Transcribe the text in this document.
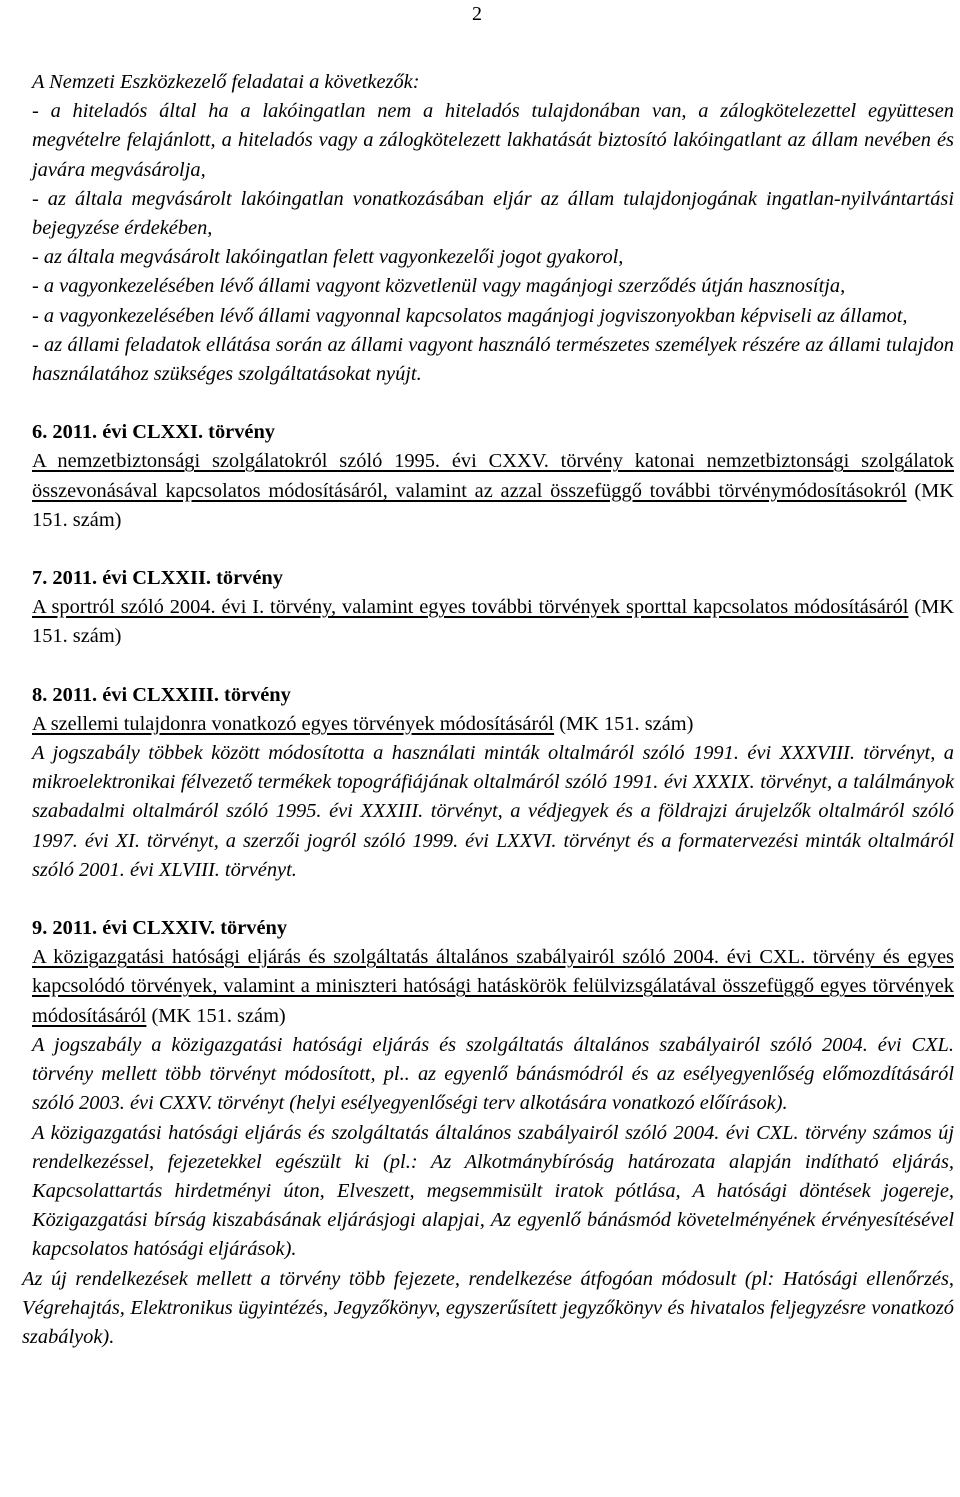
2

A Nemzeti Eszközkezelő feladatai a következők:

- a hiteladós által ha a lakóingatlan nem a hiteladós tulajdonában van, a zálogkötelezettel együttesen megvételre felajánlott, a hiteladós vagy a zálogkötelezett lakhatását biztosító lakóingatlant az állam nevében és javára megvásárolja,

- az általa megvásárolt lakóingatlan vonatkozásában eljár az állam tulajdonjogának ingatlan-nyilvántartási bejegyzése érdekében,

- az általa megvásárolt lakóingatlan felett vagyonkezelői jogot gyakorol,

- a vagyonkezelésében lévő állami vagyont közvetlenül vagy magánjogi szerződés útján hasznosítja,

- a vagyonkezelésében lévő állami vagyonnal kapcsolatos magánjogi jogviszonyokban képviseli az államot,

- az állami feladatok ellátása során az állami vagyont használó természetes személyek részére az állami tulajdon használatához szükséges szolgáltatásokat nyújt.

6. 2011. évi CLXXI. törvény

A nemzetbiztonsági szolgálatokról szóló 1995. évi CXXV. törvény katonai nemzetbiztonsági szolgálatok összevonásával kapcsolatos módosításáról, valamint az azzal összefüggő további törvénymódosításokról (MK 151. szám)

7. 2011. évi CLXXII. törvény

A sportról szóló 2004. évi I. törvény, valamint egyes további törvények sporttal kapcsolatos módosításáról (MK 151. szám)

8. 2011. évi CLXXIII. törvény

A szellemi tulajdonra vonatkozó egyes törvények módosításáról (MK 151. szám)

A jogszabály többek között módosította a használati minták oltalmáról szóló 1991. évi XXXVIII. törvényt, a mikroelektronikai félvezető termékek topográfiájának oltalmáról szóló 1991. évi XXXIX. törvényt, a találmányok szabadalmi oltalmáról szóló 1995. évi XXXIII. törvényt, a védjegyek és a földrajzi árujelzők oltalmáról szóló 1997. évi XI. törvényt, a szerzői jogról szóló 1999. évi LXXVI. törvényt és a formatervezési minták oltalmáról szóló 2001. évi XLVIII. törvényt.

9. 2011. évi CLXXIV. törvény

A közigazgatási hatósági eljárás és szolgáltatás általános szabályairól szóló 2004. évi CXL. törvény és egyes kapcsolódó törvények, valamint a miniszteri hatósági hatáskörök felülvizsgálatával összefüggő egyes törvények módosításáról (MK 151. szám)

A jogszabály a közigazgatási hatósági eljárás és szolgáltatás általános szabályairól szóló 2004. évi CXL. törvény mellett több törvényt módosított, pl.. az egyenlő bánásmódról és az esélyegyenlőség előmozdításáról szóló 2003. évi CXXV. törvényt (helyi esélyegyenlőségi terv alkotására vonatkozó előírások).

A közigazgatási hatósági eljárás és szolgáltatás általános szabályairól szóló 2004. évi CXL. törvény számos új rendelkezéssel, fejezetekkel egészült ki (pl.: Az Alkotmánybíróság határozata alapján indítható eljárás, Kapcsolattartás hirdetményi úton, Elveszett, megsemmisült iratok pótlása, A hatósági döntések jogereje, Közigazgatási bírság kiszabásának eljárásjogi alapjai, Az egyenlő bánásmód követelményének érvényesítésével kapcsolatos hatósági eljárások).

Az új rendelkezések mellett a törvény több fejezete, rendelkezése átfogóan módosult (pl: Hatósági ellenőrzés, Végrehajtás, Elektronikus ügyintézés, Jegyzőkönyv, egyszerűsített jegyzőkönyv és hivatalos feljegyzésre vonatkozó szabályok).
